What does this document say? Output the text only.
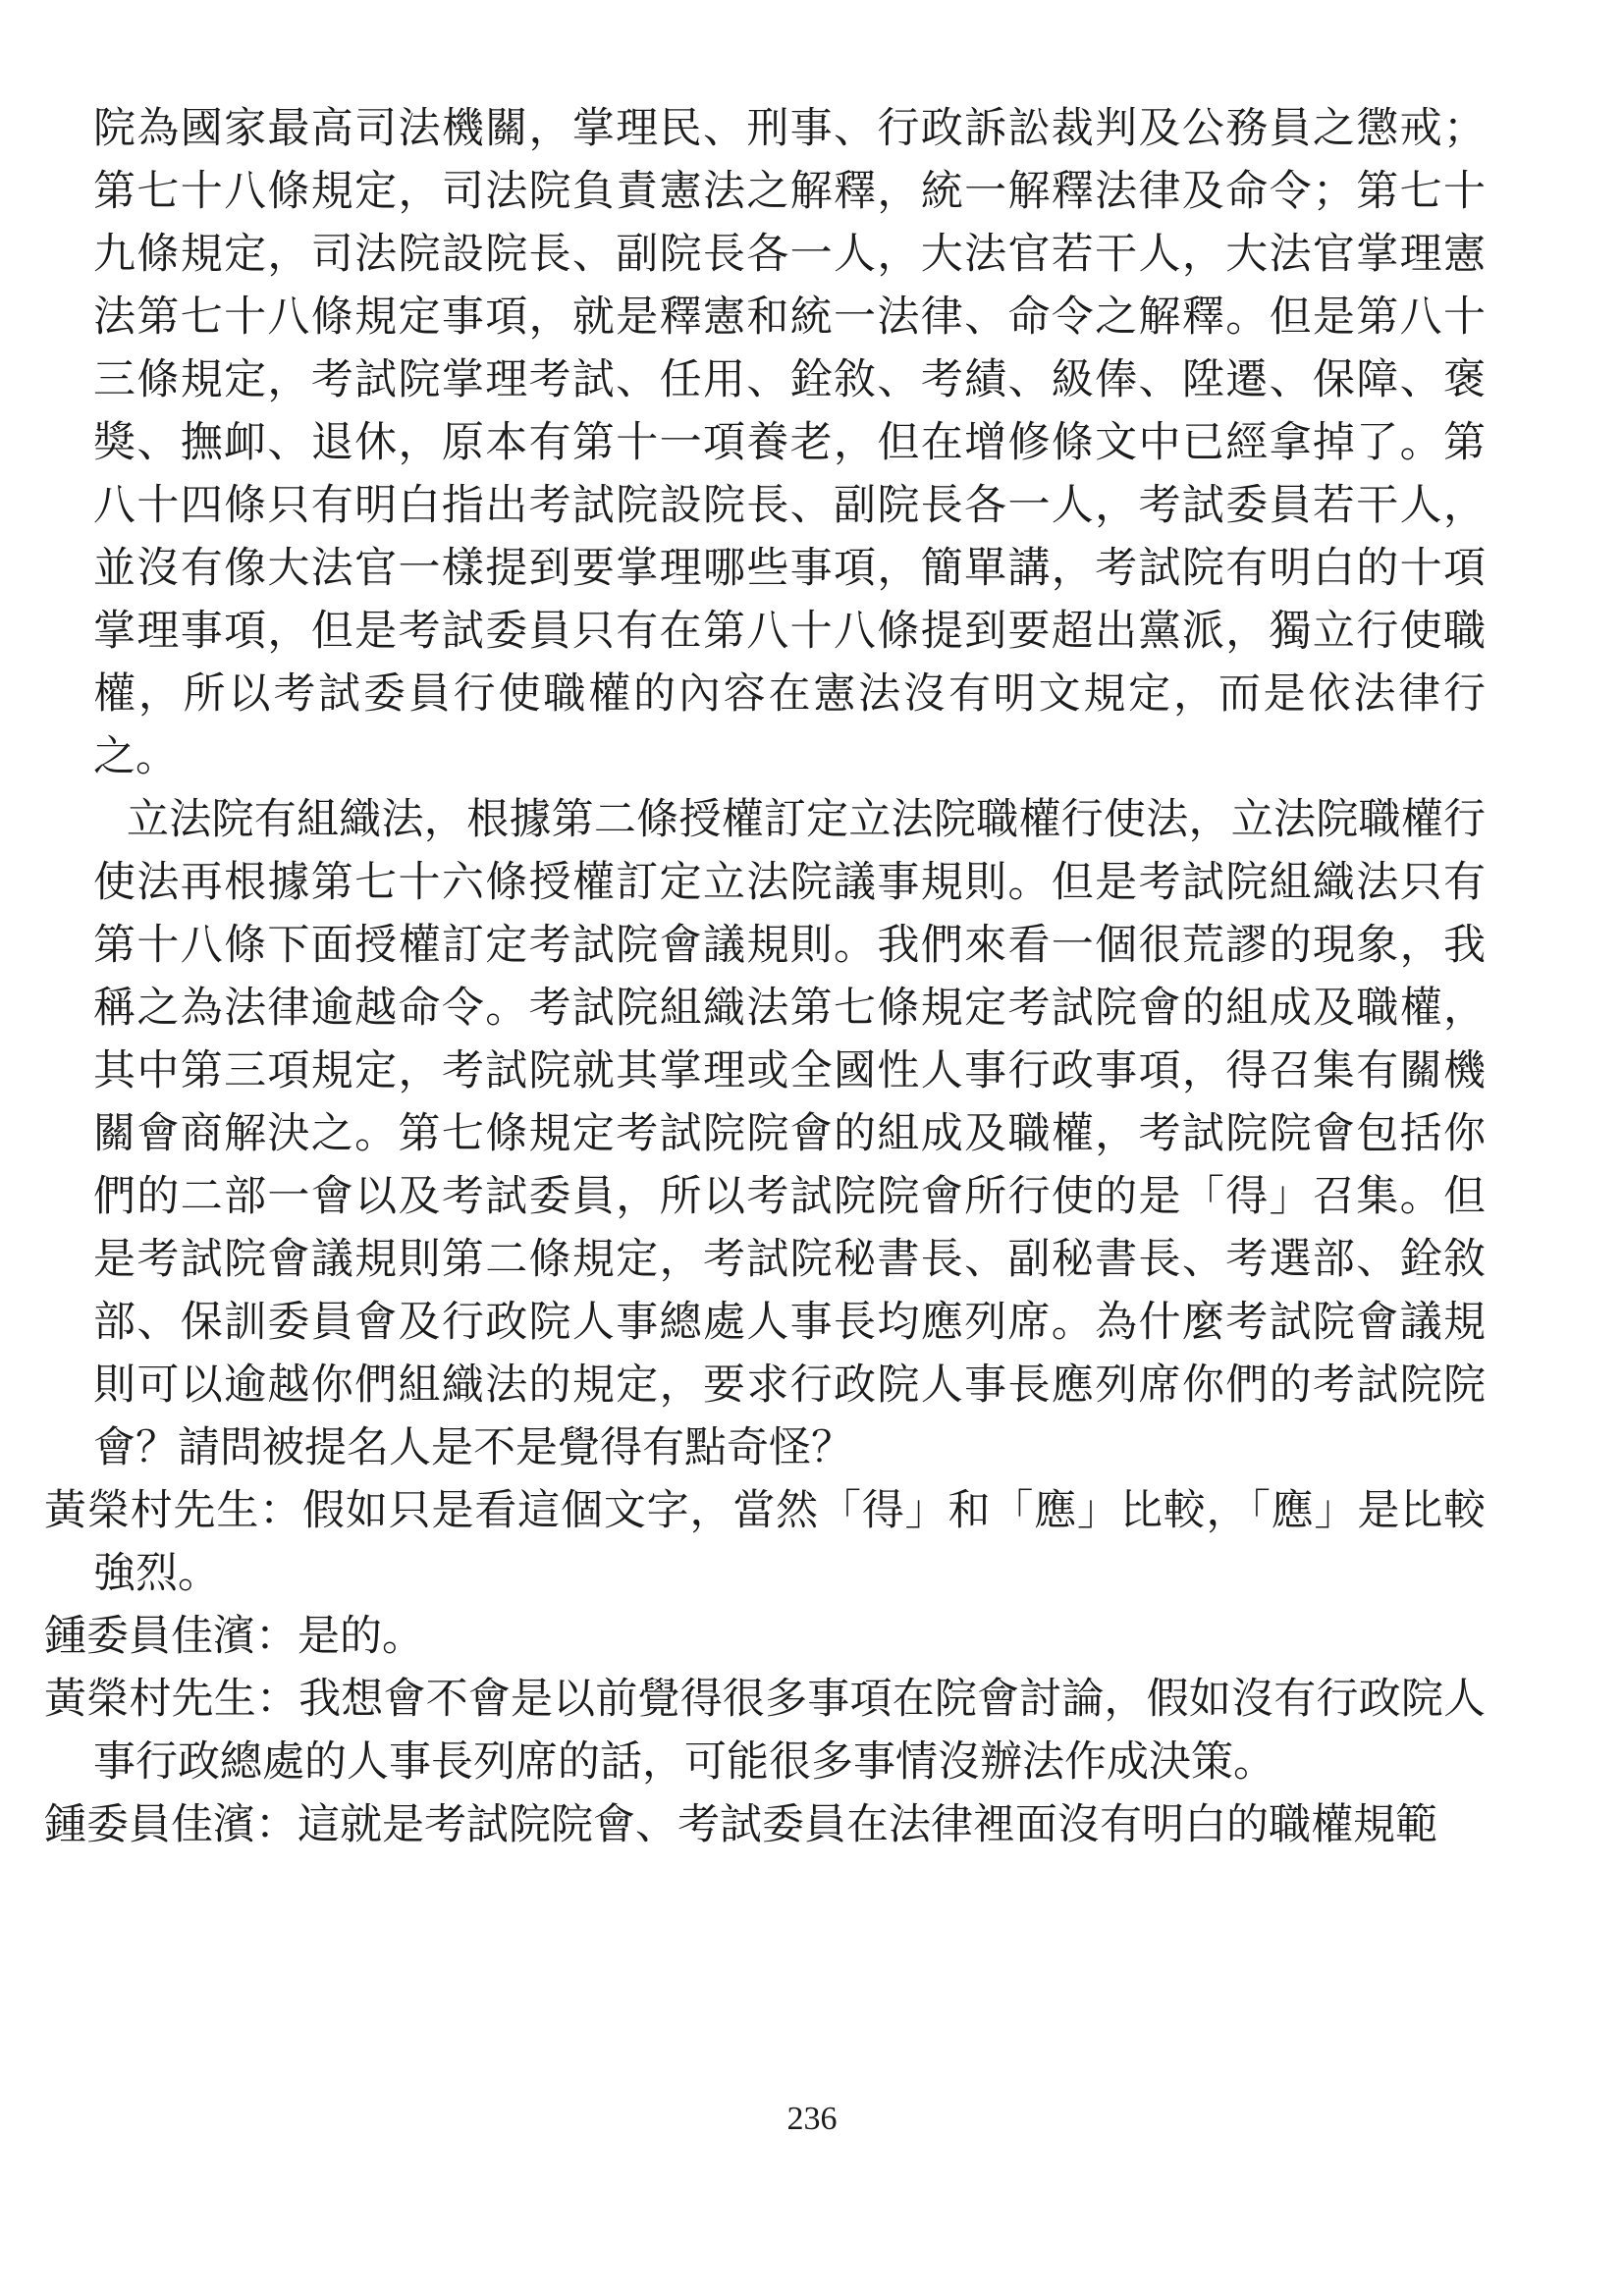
院為國家最高司法機關，掌理民、刑事、行政訴訟裁判及公務員之懲戒；第七十八條規定，司法院負責憲法之解釋，統一解釋法律及命令；第七十九條規定，司法院設院長、副院長各一人，大法官若干人，大法官掌理憲法第七十八條規定事項，就是釋憲和統一法律、命令之解釋。但是第八十三條規定，考試院掌理考試、任用、銓敘、考績、級俸、陞遷、保障、褒獎、撫卹、退休，原本有第十一項養老，但在增修條文中已經拿掉了。第八十四條只有明白指出考試院設院長、副院長各一人，考試委員若干人，並沒有像大法官一樣提到要掌理哪些事項，簡單講，考試院有明白的十項掌理事項，但是考試委員只有在第八十八條提到要超出黨派，獨立行使職權，所以考試委員行使職權的內容在憲法沒有明文規定，而是依法律行之。

立法院有組織法，根據第二條授權訂定立法院職權行使法，立法院職權行使法再根據第七十六條授權訂定立法院議事規則。但是考試院組織法只有第十八條下面授權訂定考試院會議規則。我們來看一個很荒謬的現象，我稱之為法律逾越命令。考試院組織法第七條規定考試院會的組成及職權，其中第三項規定，考試院就其掌理或全國性人事行政事項，得召集有關機關會商解決之。第七條規定考試院院會的組成及職權，考試院院會包括你們的二部一會以及考試委員，所以考試院院會所行使的是「得」召集。但是考試院會議規則第二條規定，考試院秘書長、副秘書長、考選部、銓敘部、保訓委員會及行政院人事總處人事長均應列席。為什麼考試院會議規則可以逾越你們組織法的規定，要求行政院人事長應列席你們的考試院院會？請問被提名人是不是覺得有點奇怪？

黃榮村先生：假如只是看這個文字，當然「得」和「應」比較，「應」是比較強烈。

鍾委員佳濱：是的。

黃榮村先生：我想會不會是以前覺得很多事項在院會討論，假如沒有行政院人事行政總處的人事長列席的話，可能很多事情沒辦法作成決策。

鍾委員佳濱：這就是考試院院會、考試委員在法律裡面沒有明白的職權規範

236
